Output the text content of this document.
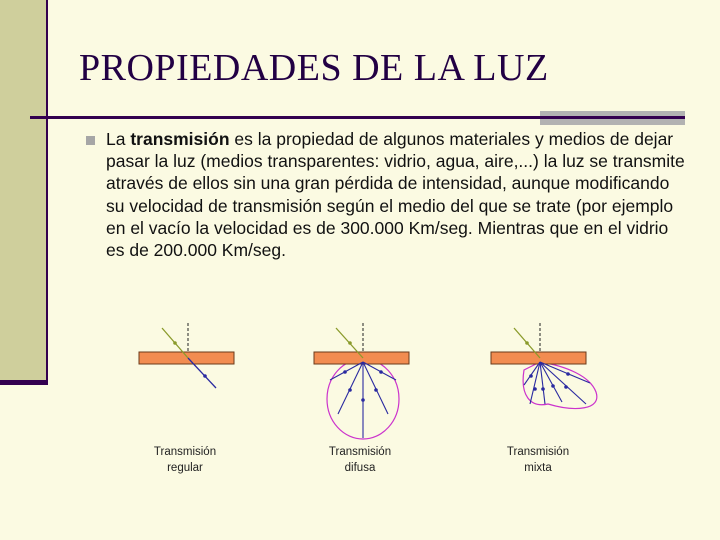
PROPIEDADES DE LA LUZ
La transmisión es la propiedad de algunos materiales y medios de dejar pasar la luz (medios transparentes: vidrio, agua, aire,...) la luz se transmite através de ellos sin una gran pérdida de intensidad, aunque modificando su velocidad de transmisión según el medio del que se trate (por ejemplo en el vacío la velocidad es de 300.000 Km/seg. Mientras que en el vidrio es de 200.000 Km/seg.
Transmisión
regular
Transmisión
difusa
Transmisión
mixta
